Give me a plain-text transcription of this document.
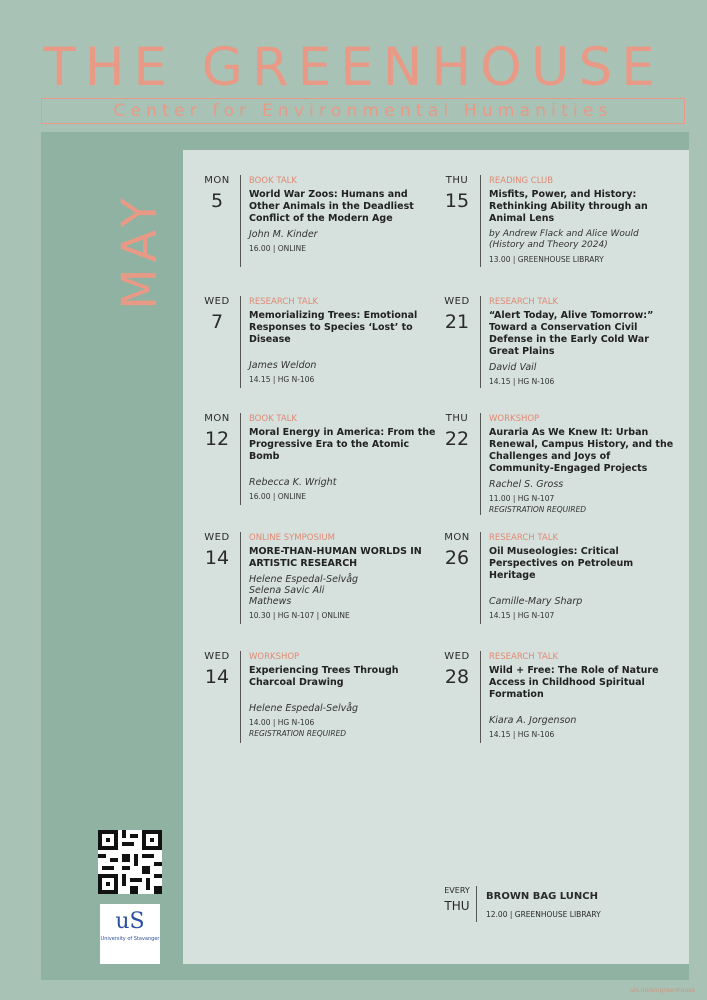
THE GREENHOUSE
Center for Environmental Humanities
MAY
uS
University of Stavanger
MON
5
BOOK TALK
World War Zoos: Humans and Other Animals in the Deadliest Conflict of the Modern Age
John M. Kinder
16.00 | ONLINE
WED
7
RESEARCH TALK
Memorializing Trees: Emotional Responses to Species ‘Lost’ to Disease
James Weldon
14.15 | HG N-106
MON
12
BOOK TALK
Moral Energy in America: From the Progressive Era to the Atomic Bomb
Rebecca K. Wright
16.00 | ONLINE
WED
14
ONLINE SYMPOSIUM
MORE-THAN-HUMAN WORLDS IN ARTISTIC RESEARCH
Helene Espedal-Selvåg Selena Savic Ali Mathews
10.30 | HG N-107 | ONLINE
WED
14
WORKSHOP
Experiencing Trees Through Charcoal Drawing
Helene Espedal-Selvåg
14.00 | HG N-106
REGISTRATION REQUIRED
THU
15
READING CLUB
Misfits, Power, and History: Rethinking Ability through an Animal Lens
by Andrew Flack and Alice Would (History and Theory 2024)
13.00 | GREENHOUSE LIBRARY
WED
21
RESEARCH TALK
“Alert Today, Alive Tomorrow:” Toward a Conservation Civil Defense in the Early Cold War Great Plains
David Vail
14.15 | HG N-106
THU
22
WORKSHOP
Auraria As We Knew It: Urban Renewal, Campus History, and the Challenges and Joys of Community-Engaged Projects
Rachel S. Gross
11.00 | HG N-107
REGISTRATION REQUIRED
MON
26
RESEARCH TALK
Oil Museologies: Critical Perspectives on Petroleum Heritage
Camille-Mary Sharp
14.15 | HG N-107
WED
28
RESEARCH TALK
Wild + Free: The Role of Nature Access in Childhood Spiritual Formation
Kiara A. Jorgenson
14.15 | HG N-106
EVERY
THU
BROWN BAG LUNCH
12.00 | GREENHOUSE LIBRARY
uis.no/en/greenhouse
